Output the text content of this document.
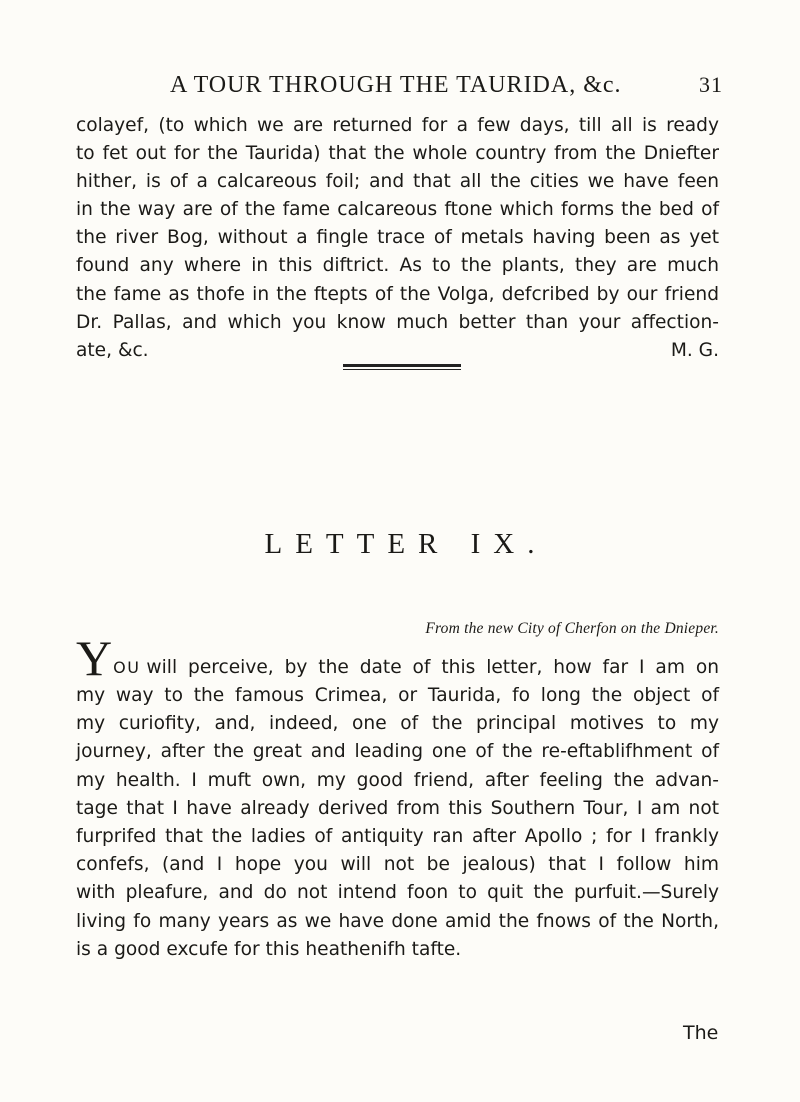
A TOUR THROUGH THE TAURIDA, &c.	31
colayef, (to which we are returned for a few days, till all is ready
to fet out for the Taurida) that the whole country from the Dniefter
hither, is of a calcareous foil; and that all the cities we have feen
in the way are of the fame calcareous ftone which forms the bed of
the river Bog, without a fingle trace of metals having been as yet
found any where in this diftrict. As to the plants, they are much
the fame as thofe in the ftepts of the Volga, defcribed by our friend
Dr. Pallas, and which you know much better than your affection-
ate, &c.	M. G.
LETTER IX.
From the new City of Cherfon on the Dnieper.
YOU will perceive, by the date of this letter, how far I am on
my way to the famous Crimea, or Taurida, fo long the object of
my curiofity, and, indeed, one of the principal motives to my
journey, after the great and leading one of the re-eftablifhment of
my health. I muft own, my good friend, after feeling the advan-
tage that I have already derived from this Southern Tour, I am not
furprifed that the ladies of antiquity ran after Apollo ; for I frankly
confefs, (and I hope you will not be jealous) that I follow him
with pleafure, and do not intend foon to quit the purfuit.—Surely
living fo many years as we have done amid the fnows of the North,
is a good excufe for this heathenifh tafte.
The
